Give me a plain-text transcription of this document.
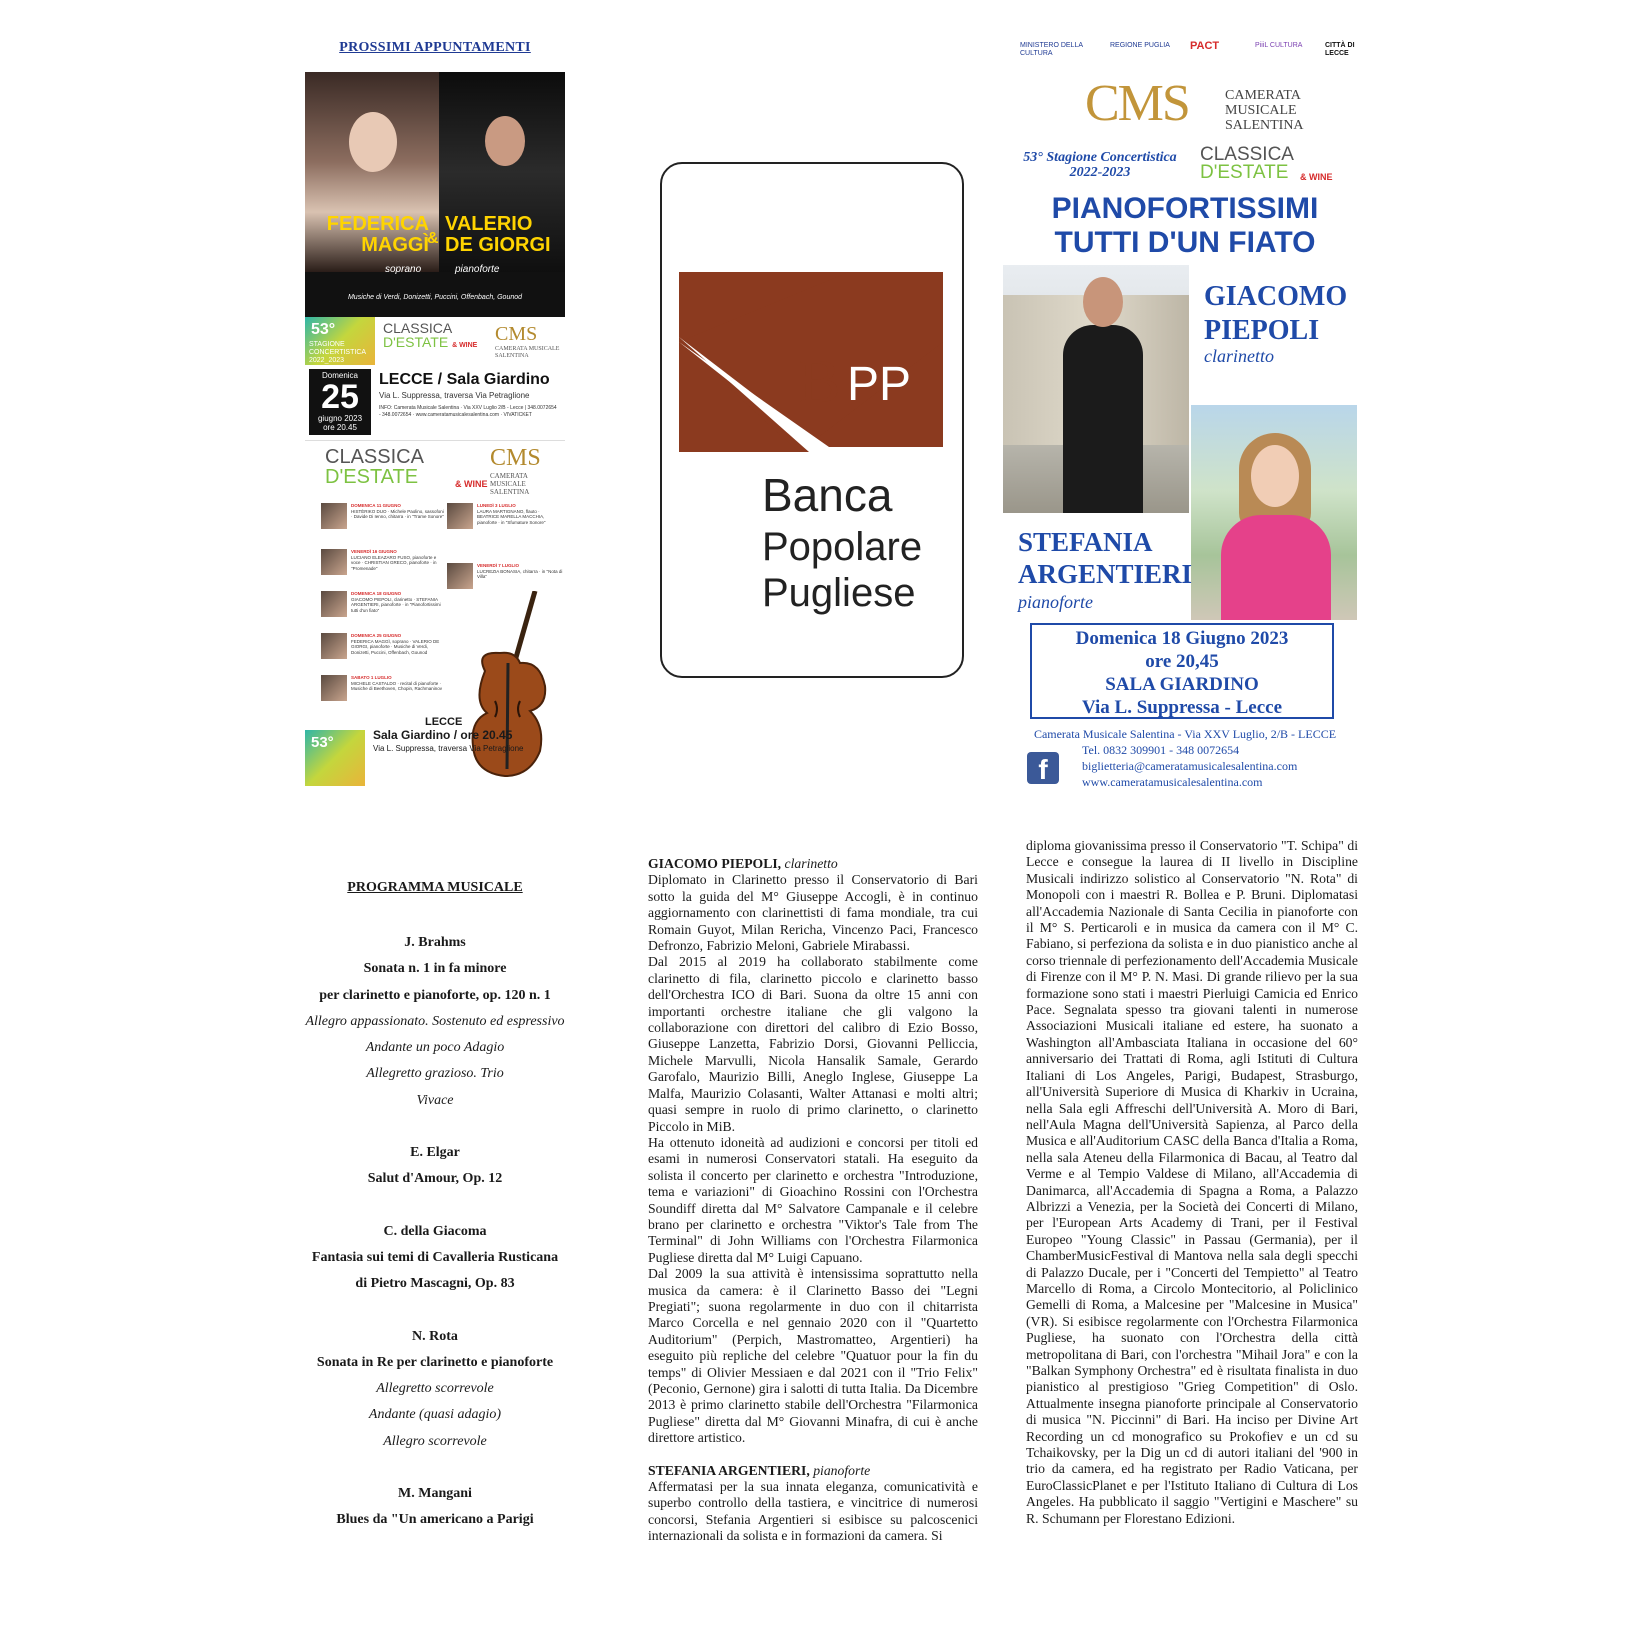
PROSSIMI APPUNTAMENTI
FEDERICA
MAGGÌ
&
VALERIO
DE GIORGI
soprano	pianoforte
Musiche di Verdi, Donizetti, Puccini, Offenbach, Gounod
53°
STAGIONE CONCERTISTICA 2022_2023
CLASSICA
D'ESTATE & WINE
CMS
CAMERATA MUSICALE SALENTINA
Domenica
25
giugno 2023
ore 20.45
LECCE / Sala Giardino
Via L. Suppressa, traversa Via Petraglione
INFO: Camerata Musicale Salentina · Via XXV Luglio 2/B - Lecce | 348.0072654 - 348.0072654 · www.cameratamusicalesalentina.com · VIVATICKET
CLASSICA
D'ESTATE	& WINE
CMS
CAMERATA MUSICALE SALENTINA
DOMENICA 11 GIUGNO
HISTÈRIKO DUO · Michele Paolino, sassofoni · Davide Di Ienno, chitarra · in "Trame Sonore"
LUNEDÌ 3 LUGLIO
LAURA MARTIGNANO, flauto · BEATRICE MARELLA MACCHIA, pianoforte · in "Sfumature Sonore"
VENERDÌ 16 GIUGNO
LUCIANO ELEAZARO FUSO, pianoforte e voce · CHRISTIAN GRECO, pianoforte · in "Promenade"	VENERDÌ 7 LUGLIO
LUCREZIA BONASIA, chitarra · in "Nota di Villa"
DOMENICA 18 GIUGNO
GIACOMO PIEPOLI, clarinetto · STEFANIA ARGENTIERI, pianoforte · in "Pianofortissimi tutti d'un fiato"
DOMENICA 25 GIUGNO
FEDERICA MAGGÌ, soprano · VALERIO DE GIORGI, pianoforte · Musiche di Verdi, Donizetti, Puccini, Offenbach, Gounod
SABATO 1 LUGLIO
MICHELE CASTALDO · recital di pianoforte · Musiche di Beethoven, Chopin, Rachmaninov
53°
LECCE
Sala Giardino / ore 20.45
Via L. Suppressa, traversa Via Petraglione
B PP
Banca
Popolare
Pugliese
MINISTERO DELLA CULTURA
REGIONE PUGLIA	PACT	PiiiL CULTURA	CITTÀ DI LECCE
CMS	CAMERATA
MUSICALE
SALENTINA
53° Stagione Concertistica
2022-2023
CLASSICA
D'ESTATE	& WINE
PIANOFORTISSIMI
TUTTI D'UN FIATO
GIACOMO
PIEPOLI
clarinetto
STEFANIA
ARGENTIERI
pianoforte
Domenica 18 Giugno 2023
ore 20,45
SALA GIARDINO
Via L. Suppressa - Lecce
Camerata Musicale Salentina - Via XXV Luglio, 2/B - LECCE
Tel. 0832 309901 - 348 0072654
biglietteria@cameratamusicalesalentina.com
www.cameratamusicalesalentina.com
f
PROGRAMMA MUSICALE
J. Brahms
Sonata n. 1 in fa minore
per clarinetto e pianoforte, op. 120 n. 1
Allegro appassionato. Sostenuto ed espressivo
Andante un poco Adagio
Allegretto grazioso. Trio
Vivace
E. Elgar
Salut d'Amour, Op. 12
C. della Giacoma
Fantasia sui temi di Cavalleria Rusticana
di Pietro Mascagni, Op. 83
N. Rota
Sonata in Re per clarinetto e pianoforte
Allegretto scorrevole
Andante (quasi adagio)
Allegro scorrevole
M. Mangani
Blues da "Un americano a Parigi

GIACOMO PIEPOLI, clarinetto

Diplomato in Clarinetto presso il Conservatorio di Bari sotto la guida del M° Giuseppe Accogli, è in continuo aggiornamento con clarinettisti di fama mondiale, tra cui Romain Guyot, Milan Rericha, Vincenzo Paci, Francesco Defronzo, Fabrizio Meloni, Gabriele Mirabassi.

Dal 2015 al 2019 ha collaborato stabilmente come clarinetto di fila, clarinetto piccolo e clarinetto basso dell'Orchestra ICO di Bari. Suona da oltre 15 anni con importanti orchestre italiane che gli valgono la collaborazione con direttori del calibro di Ezio Bosso, Giuseppe Lanzetta, Fabrizio Dorsi, Giovanni Pelliccia, Michele Marvulli, Nicola Hansalik Samale, Gerardo Garofalo, Maurizio Billi, Aneglo Inglese, Giuseppe La Malfa, Maurizio Colasanti, Walter Attanasi e molti altri; quasi sempre in ruolo di primo clarinetto, o clarinetto Piccolo in MiB.

Ha ottenuto idoneità ad audizioni e concorsi per titoli ed esami in numerosi Conservatori statali. Ha eseguito da solista il concerto per clarinetto e orchestra "Introduzione, tema e variazioni" di Gioachino Rossini con l'Orchestra Soundiff diretta dal M° Salvatore Campanale e il celebre brano per clarinetto e orchestra "Viktor's Tale from The Terminal" di John Williams con l'Orchestra Filarmonica Pugliese diretta dal M° Luigi Capuano.

Dal 2009 la sua attività è intensissima soprattutto nella musica da camera: è il Clarinetto Basso dei "Legni Pregiati"; suona regolarmente in duo con il chitarrista Marco Corcella e nel gennaio 2020 con il "Quartetto Auditorium" (Perpich, Mastromatteo, Argentieri) ha eseguito più repliche del celebre "Quatuor pour la fin du temps" di Olivier Messiaen e dal 2021 con il "Trio Felix" (Peconio, Gernone) gira i salotti di tutta Italia. Da Dicembre 2013 è primo clarinetto stabile dell'Orchestra "Filarmonica Pugliese" diretta dal M° Giovanni Minafra, di cui è anche direttore artistico.

STEFANIA ARGENTIERI, pianoforte

Affermatasi per la sua innata eleganza, comunicatività e superbo controllo della tastiera, e vincitrice di numerosi concorsi, Stefania Argentieri si esibisce su palcoscenici internazionali da solista e in formazioni da camera. Si

diploma giovanissima presso il Conservatorio "T. Schipa" di Lecce e consegue la laurea di II livello in Discipline Musicali indirizzo solistico al Conservatorio "N. Rota" di Monopoli con i maestri R. Bollea e P. Bruni. Diplomatasi all'Accademia Nazionale di Santa Cecilia in pianoforte con il M° S. Perticaroli e in musica da camera con il M° C. Fabiano, si perfeziona da solista e in duo pianistico anche al corso triennale di perfezionamento dell'Accademia Musicale di Firenze con il M° P. N. Masi. Di grande rilievo per la sua formazione sono stati i maestri Pierluigi Camicia ed Enrico Pace. Segnalata spesso tra giovani talenti in numerose Associazioni Musicali italiane ed estere, ha suonato a Washington all'Ambasciata Italiana in occasione del 60° anniversario dei Trattati di Roma, agli Istituti di Cultura Italiani di Los Angeles, Parigi, Budapest, Strasburgo, all'Università Superiore di Musica di Kharkiv in Ucraina, nella Sala egli Affreschi dell'Università A. Moro di Bari, nell'Aula Magna dell'Università Sapienza, al Parco della Musica e all'Auditorium CASC della Banca d'Italia a Roma, nella sala Ateneu della Filarmonica di Bacau, al Teatro dal Verme e al Tempio Valdese di Milano, all'Accademia di Danimarca, all'Accademia di Spagna a Roma, a Palazzo Albrizzi a Venezia, per la Società dei Concerti di Milano, per l'European Arts Academy di Trani, per il Festival Europeo "Young Classic" in Passau (Germania), per il ChamberMusicFestival di Mantova nella sala degli specchi di Palazzo Ducale, per i "Concerti del Tempietto" al Teatro Marcello di Roma, a Circolo Montecitorio, al Policlinico Gemelli di Roma, a Malcesine per "Malcesine in Musica"(VR). Si esibisce regolarmente con l'Orchestra Filarmonica Pugliese, ha suonato con l'Orchestra della città metropolitana di Bari, con l'orchestra "Mihail Jora" e con la "Balkan Symphony Orchestra" ed è risultata finalista in duo pianistico al prestigioso "Grieg Competition" di Oslo. Attualmente insegna pianoforte principale al Conservatorio di musica "N. Piccinni" di Bari. Ha inciso per Divine Art Recording un cd monografico su Prokofiev e un cd su Tchaikovsky, per la Dig un cd di autori italiani del '900 in trio da camera, ed ha registrato per Radio Vaticana, per EuroClassicPlanet e per l'Istituto Italiano di Cultura di Los Angeles. Ha pubblicato il saggio "Vertigini e Maschere" su R. Schumann per Florestano Edizioni.
